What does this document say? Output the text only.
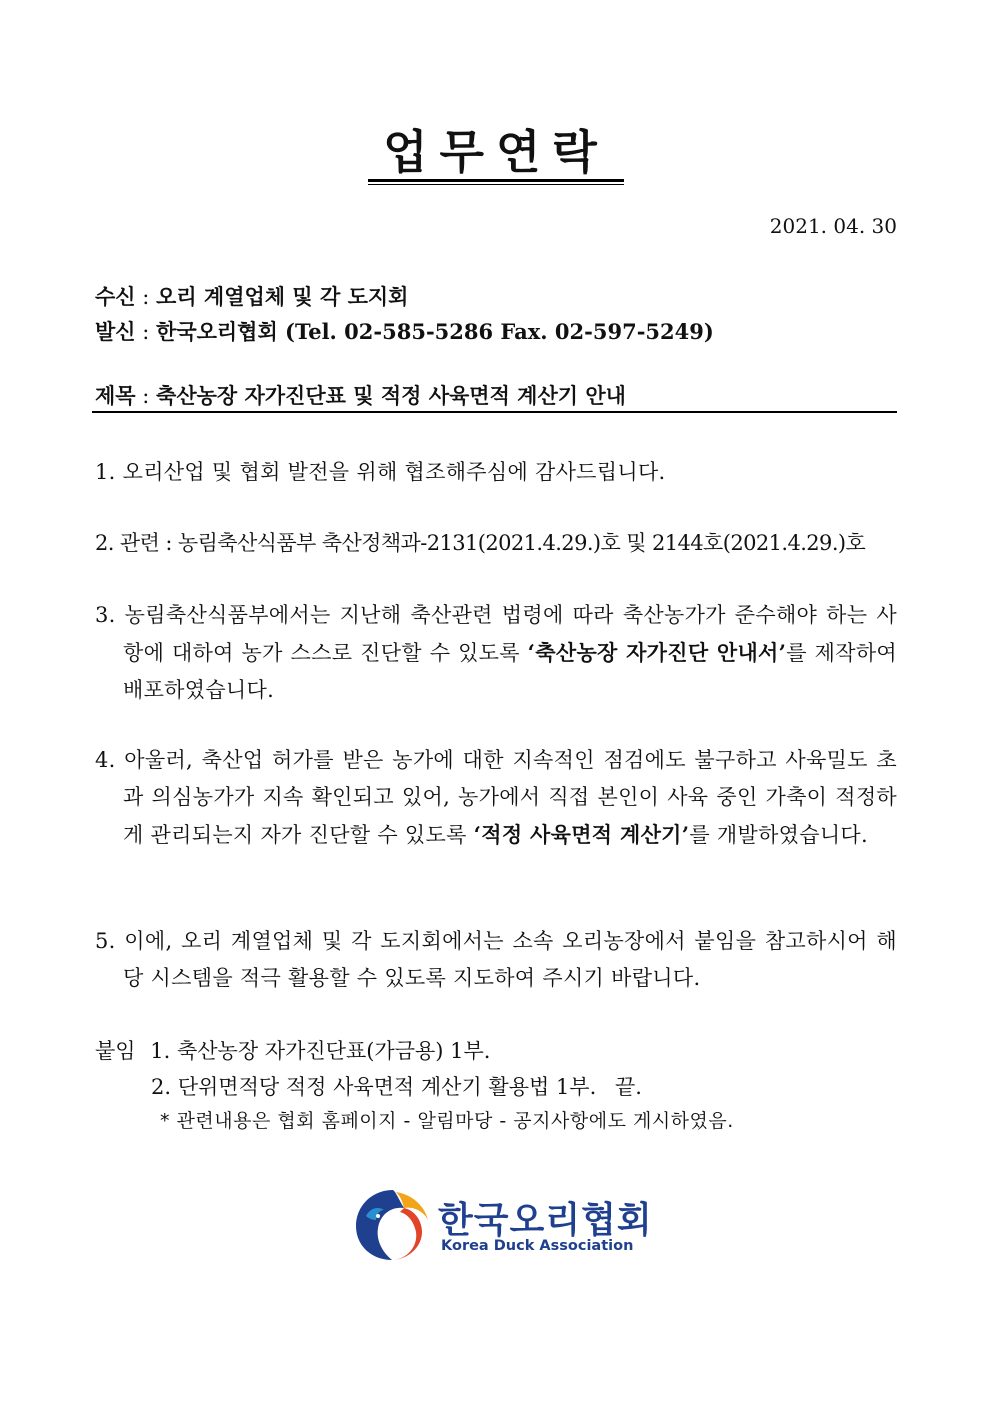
업무연락
2021. 04. 30
수신 : 오리 계열업체 및 각 도지회
발신 : 한국오리협회 (Tel. 02-585-5286 Fax. 02-597-5249)
제목 : 축산농장 자가진단표 및 적정 사육면적 계산기 안내
1. 오리산업 및 협회 발전을 위해 협조해주심에 감사드립니다.
2. 관련 : 농림축산식품부 축산정책과-2131(2021.4.29.)호 및 2144호(2021.4.29.)호
3. 농림축산식품부에서는 지난해 축산관련 법령에 따라 축산농가가 준수해야 하는 사항에 대하여 농가 스스로 진단할 수 있도록 ‘축산농장 자가진단 안내서’를 제작하여 배포하였습니다.
4. 아울러, 축산업 허가를 받은 농가에 대한 지속적인 점검에도 불구하고 사육밀도 초과 의심농가가 지속 확인되고 있어, 농가에서 직접 본인이 사육 중인 가축이 적정하게 관리되는지 자가 진단할 수 있도록 ‘적정 사육면적 계산기’를 개발하였습니다.
5. 이에, 오리 계열업체 및 각 도지회에서는 소속 오리농장에서 붙임을 참고하시어 해당 시스템을 적극 활용할 수 있도록 지도하여 주시기 바랍니다.
붙임 1. 축산농장 자가진단표(가금용) 1부.
2. 단위면적당 적정 사육면적 계산기 활용법 1부. 끝.
* 관련내용은 협회 홈페이지 - 알림마당 - 공지사항에도 게시하였음.
한국오리협회
Korea Duck Association
